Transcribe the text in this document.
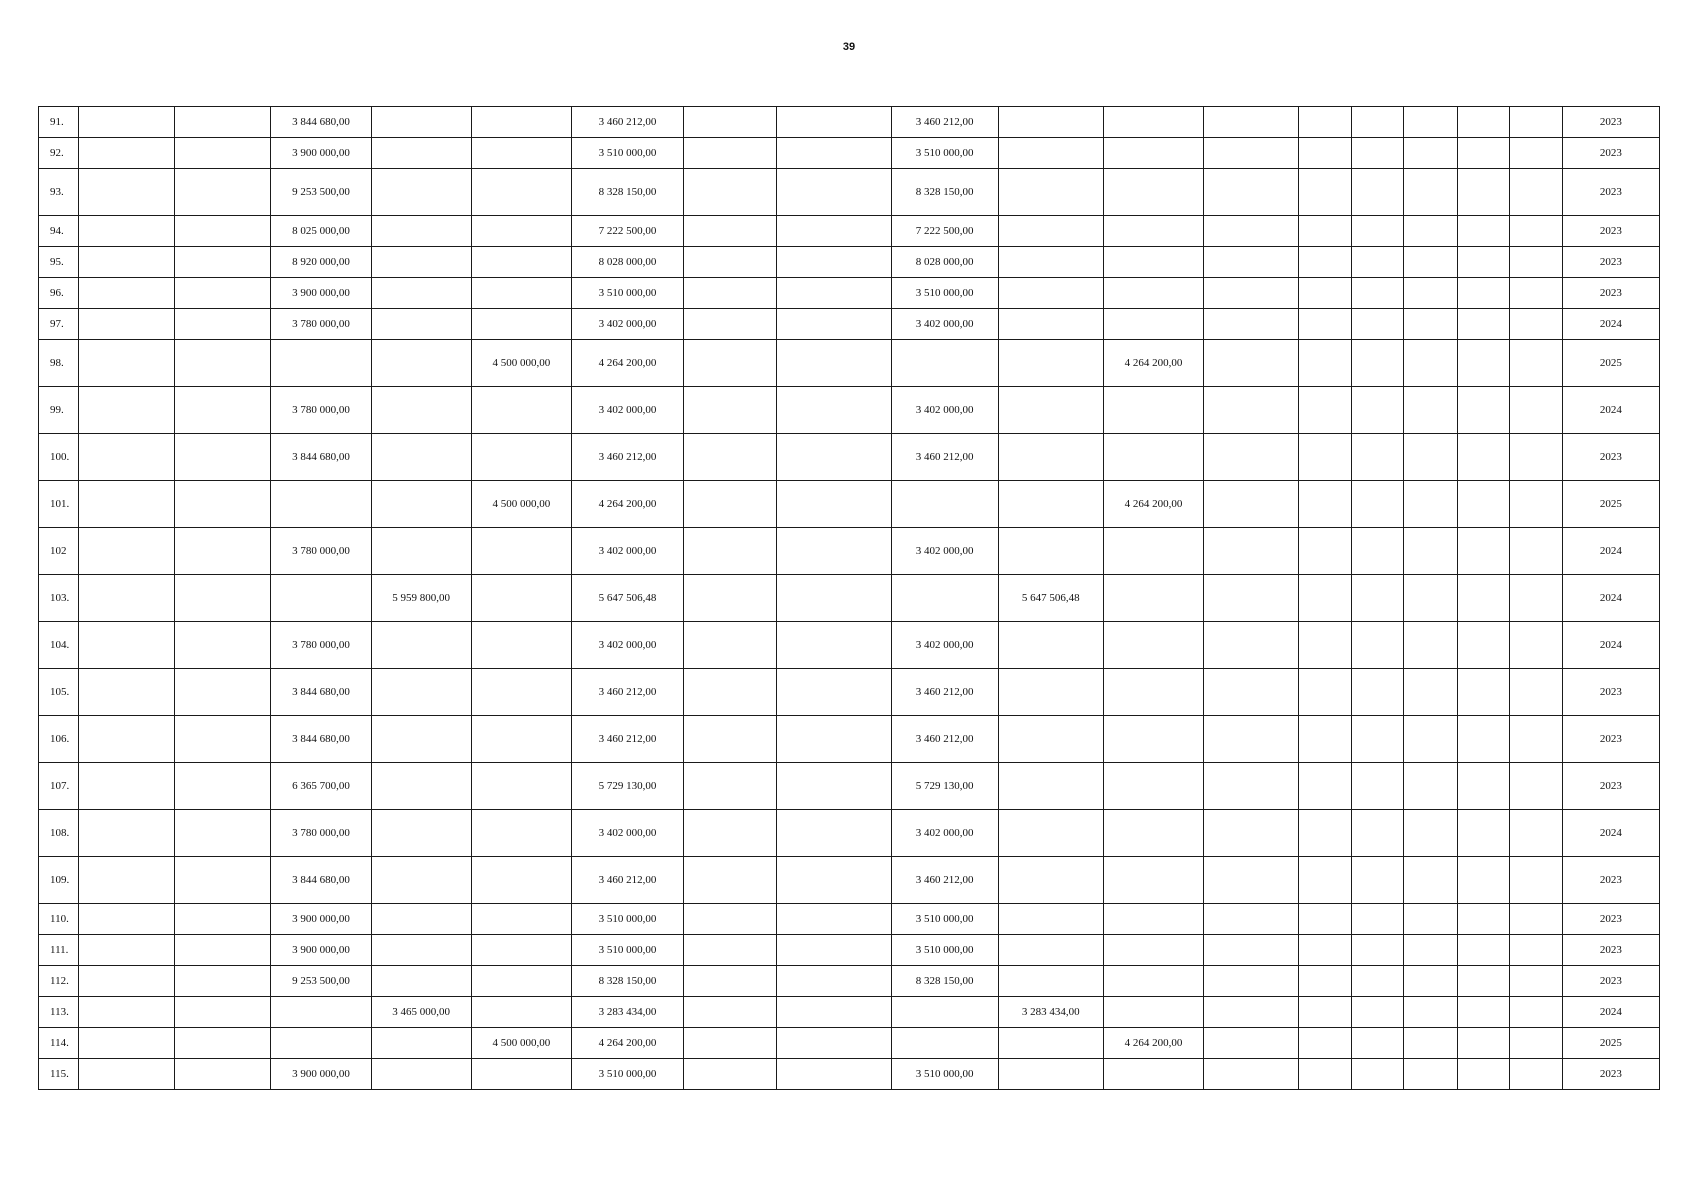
39
91.			3 844 680,00			3 460 212,00			3 460 212,00									2023
92.			3 900 000,00			3 510 000,00			3 510 000,00									2023
93.			9 253 500,00			8 328 150,00			8 328 150,00									2023
94.			8 025 000,00			7 222 500,00			7 222 500,00									2023
95.			8 920 000,00			8 028 000,00			8 028 000,00									2023
96.			3 900 000,00			3 510 000,00			3 510 000,00									2023
97.			3 780 000,00			3 402 000,00			3 402 000,00									2024
98.					4 500 000,00	4 264 200,00					4 264 200,00							2025
99.			3 780 000,00			3 402 000,00			3 402 000,00									2024
100.			3 844 680,00			3 460 212,00			3 460 212,00									2023
101.					4 500 000,00	4 264 200,00					4 264 200,00							2025
102			3 780 000,00			3 402 000,00			3 402 000,00									2024
103.				5 959 800,00		5 647 506,48				5 647 506,48								2024
104.			3 780 000,00			3 402 000,00			3 402 000,00									2024
105.			3 844 680,00			3 460 212,00			3 460 212,00									2023
106.			3 844 680,00			3 460 212,00			3 460 212,00									2023
107.			6 365 700,00			5 729 130,00			5 729 130,00									2023
108.			3 780 000,00			3 402 000,00			3 402 000,00									2024
109.			3 844 680,00			3 460 212,00			3 460 212,00									2023
110.			3 900 000,00			3 510 000,00			3 510 000,00									2023
111.			3 900 000,00			3 510 000,00			3 510 000,00									2023
112.			9 253 500,00			8 328 150,00			8 328 150,00									2023
113.				3 465 000,00		3 283 434,00				3 283 434,00								2024
114.					4 500 000,00	4 264 200,00					4 264 200,00							2025
115.			3 900 000,00			3 510 000,00			3 510 000,00									2023
